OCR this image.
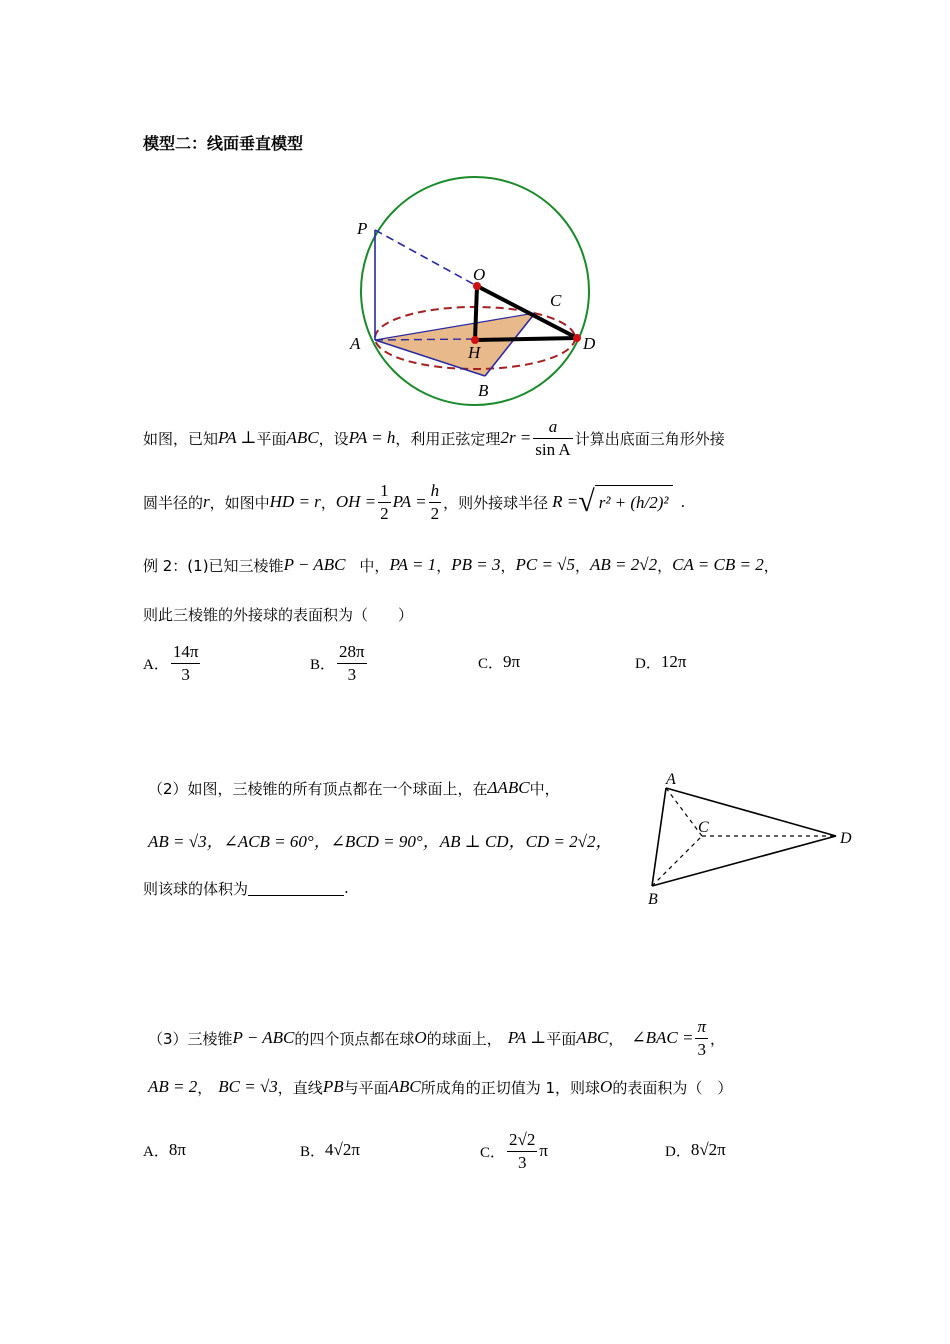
模型二：线面垂直模型
P
O
C
A	H	D
B
如图，已知 PA ⊥ 平面 ABC ，设 PA = h ，利用正弦定理 $2r = \frac{a}{\text{sin A}}$ 计算出底面三角形外接
圆半径的 r ，如图中 HD = r ， OH = $\frac{1}{2}$ PA = $\frac{h}{2}$ ，则外接球半径 R = √ r² + (h/2)² .
例 2：(1)已知三棱锥 P − ABC 中， PA = 1 ， PB = 3 ， PC = √5 ， AB = 2√2 ， CA = CB = 2 ，
则此三棱锥的外接球的表面积为（　　）
A． $\frac{14\pi}{3}$	B． $\frac{28\pi}{3}$	C． 9π	D． 12π
（2）如图，三棱锥的所有顶点都在一个球面上，在 ΔABC 中，
AB = √3，∠ACB = 60°，∠BCD = 90°，AB ⊥ CD，CD = 2√2，
则该球的体积为	.
A
C
D
B
（3）三棱锥 P − ABC 的四个顶点都在球 O 的球面上， PA ⊥ 平面 ABC ， ∠BAC = $\frac{\pi}{3}$ ，
AB = 2 ， BC = √3 ，直线 PB 与平面 ABC 所成角的正切值为 1，则球 O 的表面积为（　）
A． 8π	B． 4√2π	C． $\frac{2√2}{3}$ π	D． 8√2π
